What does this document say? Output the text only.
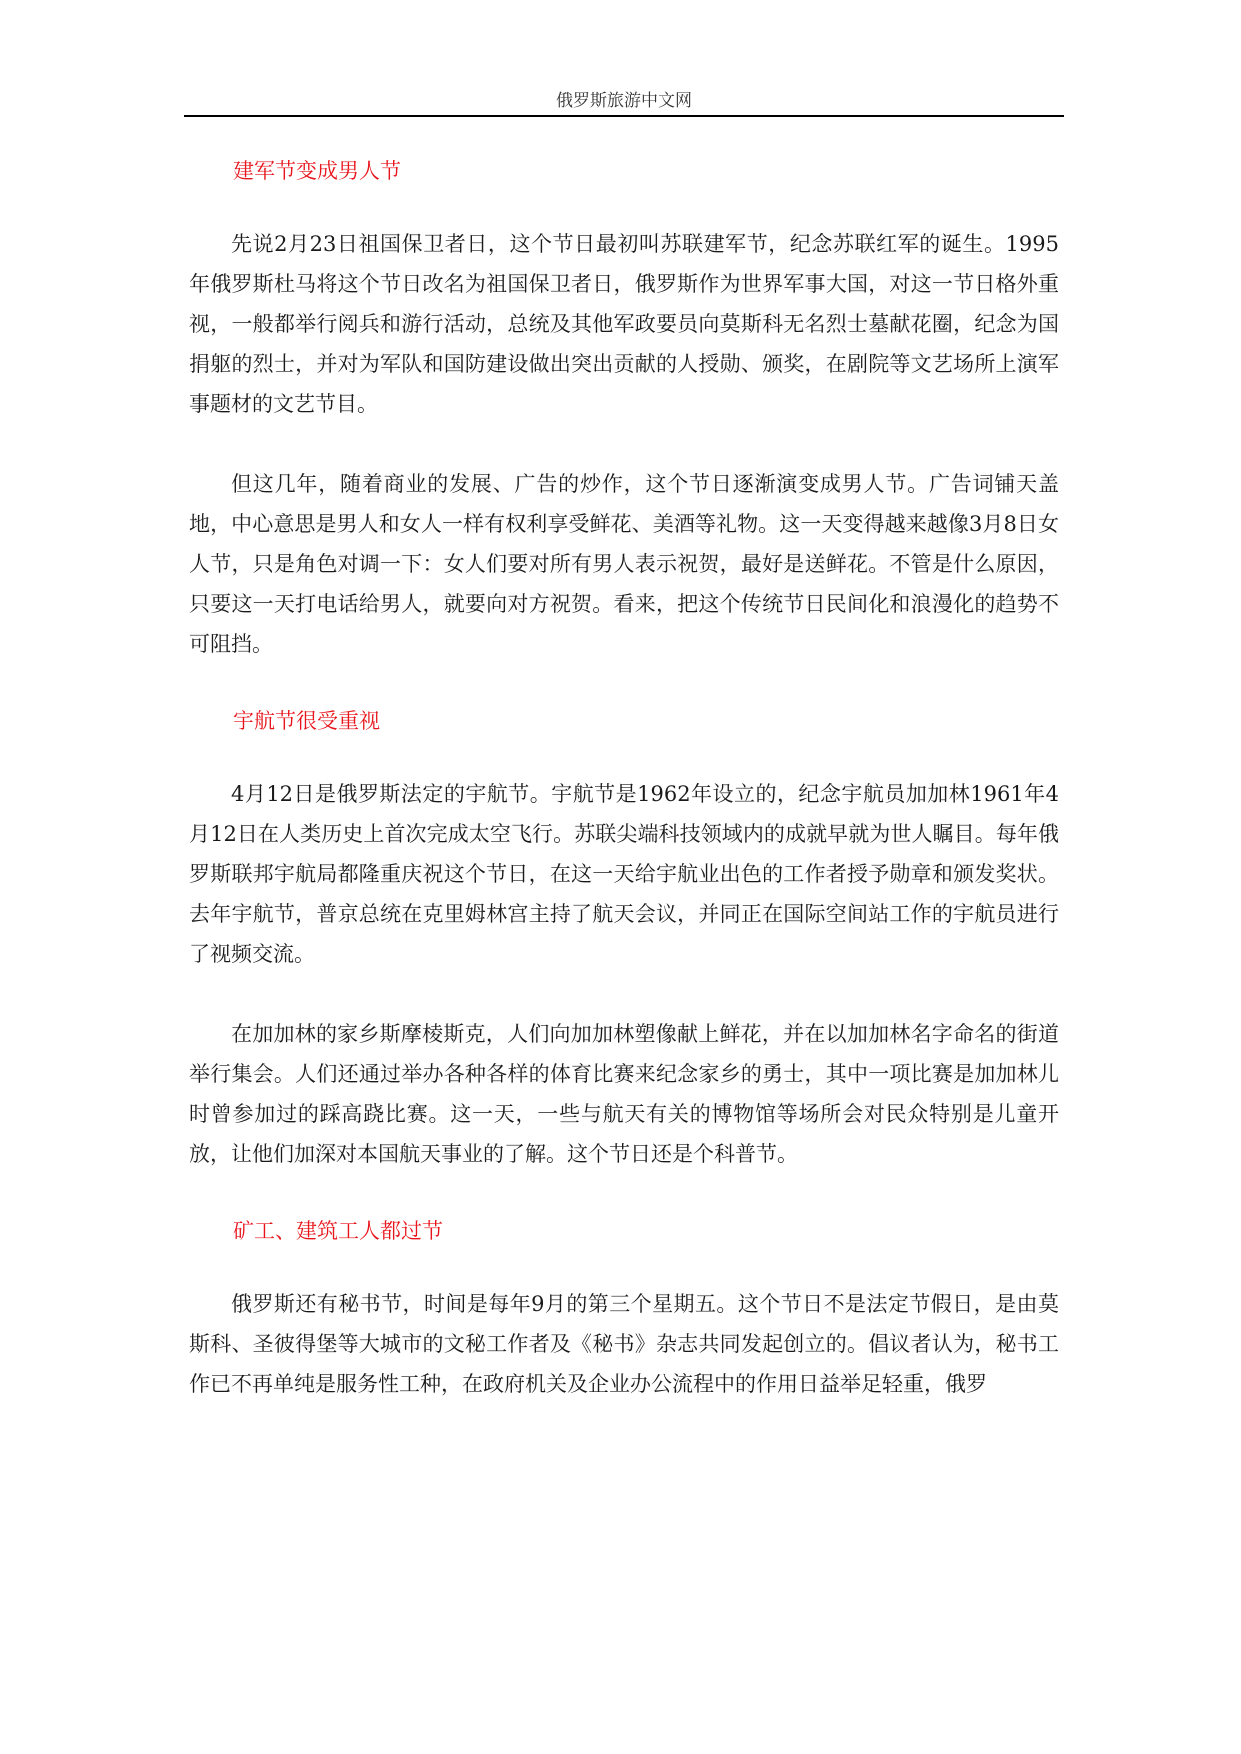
俄罗斯旅游中文网
建军节变成男人节

先说2月23日祖国保卫者日，这个节日最初叫苏联建军节，纪念苏联红军的诞生。1995年俄罗斯杜马将这个节日改名为祖国保卫者日，俄罗斯作为世界军事大国，对这一节日格外重视，一般都举行阅兵和游行活动，总统及其他军政要员向莫斯科无名烈士墓献花圈，纪念为国捐躯的烈士，并对为军队和国防建设做出突出贡献的人授勋、颁奖，在剧院等文艺场所上演军事题材的文艺节目。

但这几年，随着商业的发展、广告的炒作，这个节日逐渐演变成男人节。广告词铺天盖地，中心意思是男人和女人一样有权利享受鲜花、美酒等礼物。这一天变得越来越像3月8日女人节，只是角色对调一下：女人们要对所有男人表示祝贺，最好是送鲜花。不管是什么原因，只要这一天打电话给男人，就要向对方祝贺。看来，把这个传统节日民间化和浪漫化的趋势不可阻挡。

宇航节很受重视

4月12日是俄罗斯法定的宇航节。宇航节是1962年设立的，纪念宇航员加加林1961年4月12日在人类历史上首次完成太空飞行。苏联尖端科技领域内的成就早就为世人瞩目。每年俄罗斯联邦宇航局都隆重庆祝这个节日，在这一天给宇航业出色的工作者授予勋章和颁发奖状。去年宇航节，普京总统在克里姆林宫主持了航天会议，并同正在国际空间站工作的宇航员进行了视频交流。

在加加林的家乡斯摩棱斯克，人们向加加林塑像献上鲜花，并在以加加林名字命名的街道举行集会。人们还通过举办各种各样的体育比赛来纪念家乡的勇士，其中一项比赛是加加林儿时曾参加过的踩高跷比赛。这一天，一些与航天有关的博物馆等场所会对民众特别是儿童开放，让他们加深对本国航天事业的了解。这个节日还是个科普节。

矿工、建筑工人都过节

俄罗斯还有秘书节，时间是每年9月的第三个星期五。这个节日不是法定节假日，是由莫斯科、圣彼得堡等大城市的文秘工作者及《秘书》杂志共同发起创立的。倡议者认为，秘书工作已不再单纯是服务性工种，在政府机关及企业办公流程中的作用日益举足轻重，俄罗
